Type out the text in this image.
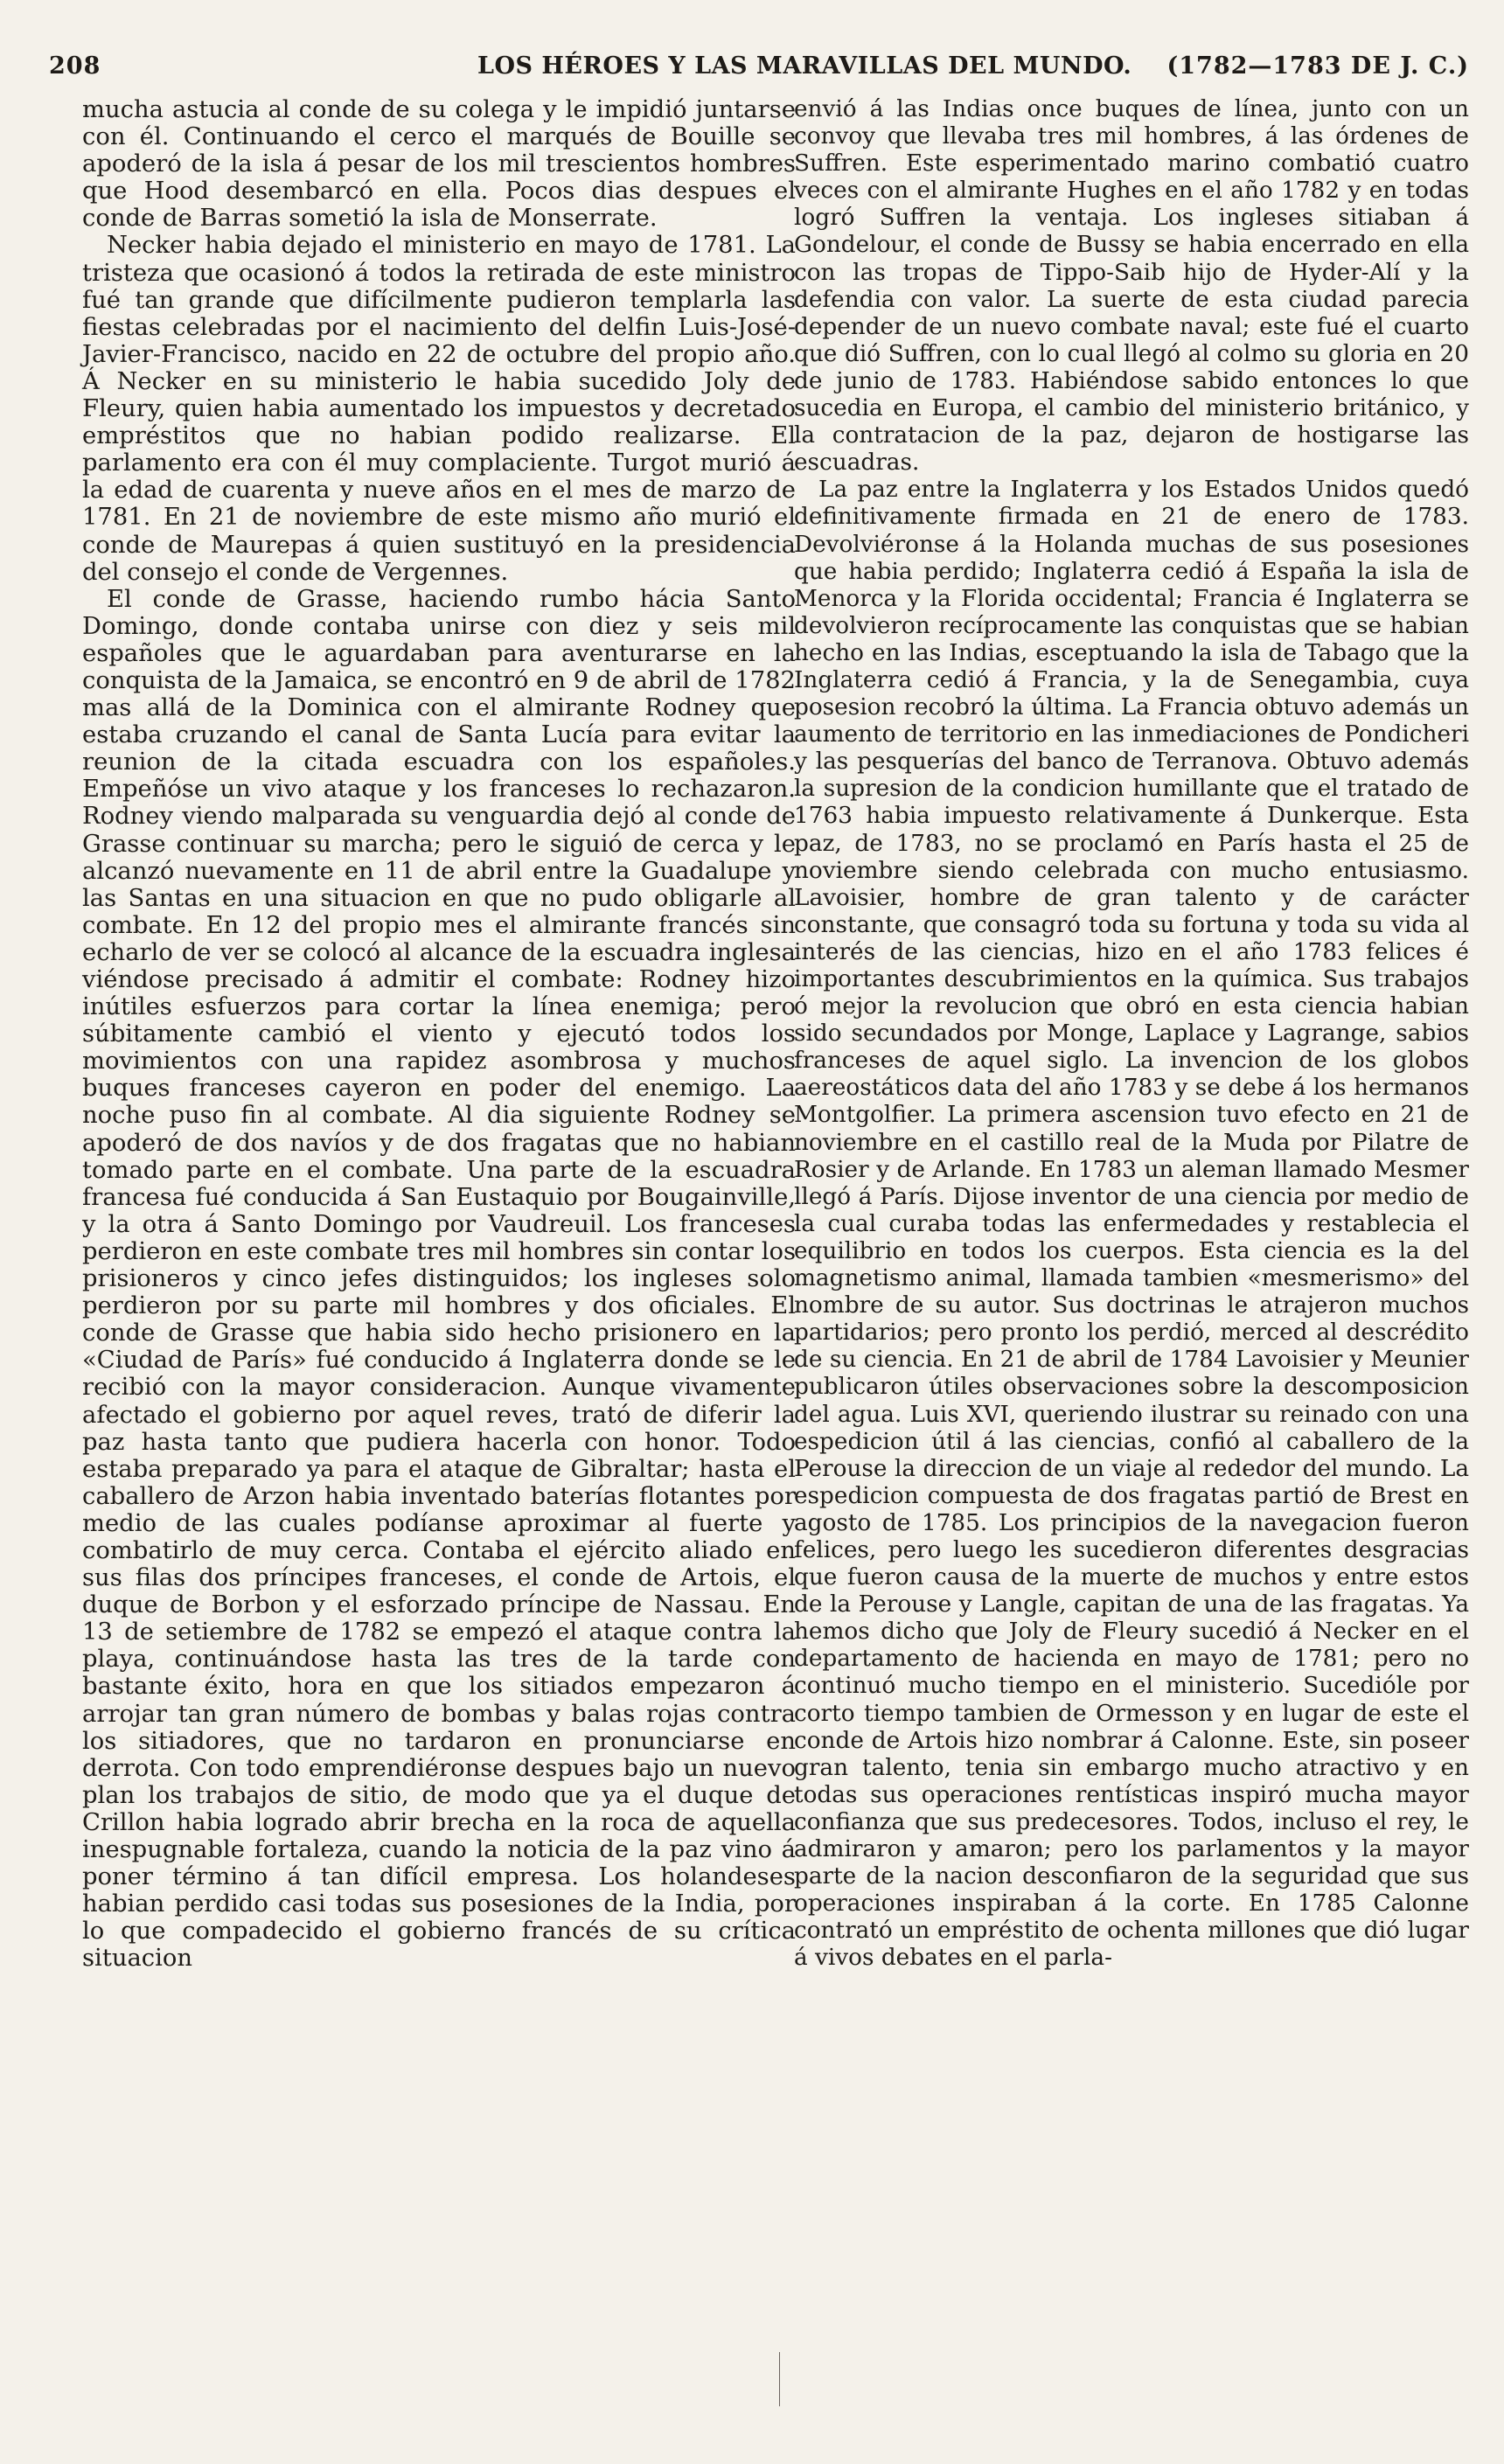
208	LOS HÉROES Y LAS MARAVILLAS DEL MUNDO. (1782—1783 DE J. C.)

mucha astucia al conde de su colega y le impidió juntarse con él. Continuando el cerco el marqués de Bouille se apoderó de la isla á pesar de los mil trescientos hombres que Hood desembarcó en ella. Pocos dias despues el conde de Barras sometió la isla de Monserrate.

Necker habia dejado el ministerio en mayo de 1781. La tristeza que ocasionó á todos la retirada de este ministro fué tan grande que difícilmente pudieron templarla las fiestas celebradas por el nacimiento del delfin Luis-José-Javier-Francisco, nacido en 22 de octubre del propio año. Á Necker en su ministerio le habia sucedido Joly de Fleury, quien habia aumentado los impuestos y decretado empréstitos que no habian podido realizarse. El parlamento era con él muy complaciente. Turgot murió á la edad de cuarenta y nueve años en el mes de marzo de 1781. En 21 de noviembre de este mismo año murió el conde de Maurepas á quien sustituyó en la presidencia del consejo el conde de Vergennes.

El conde de Grasse, haciendo rumbo hácia Santo Domingo, donde contaba unirse con diez y seis mil españoles que le aguardaban para aventurarse en la conquista de la Jamaica, se encontró en 9 de abril de 1782 mas allá de la Dominica con el almirante Rodney que estaba cruzando el canal de Santa Lucía para evitar la reunion de la citada escuadra con los españoles. Empeñóse un vivo ataque y los franceses lo rechazaron. Rodney viendo malparada su venguardia dejó al conde de Grasse continuar su marcha; pero le siguió de cerca y le alcanzó nuevamente en 11 de abril entre la Guadalupe y las Santas en una situacion en que no pudo obligarle al combate. En 12 del propio mes el almirante francés sin echarlo de ver se colocó al alcance de la escuadra inglesa viéndose precisado á admitir el combate: Rodney hizo inútiles esfuerzos para cortar la línea enemiga; pero súbitamente cambió el viento y ejecutó todos los movimientos con una rapidez asombrosa y muchos buques franceses cayeron en poder del enemigo. La noche puso fin al combate. Al dia siguiente Rodney se apoderó de dos navíos y de dos fragatas que no habian tomado parte en el combate. Una parte de la escuadra francesa fué conducida á San Eustaquio por Bougainville, y la otra á Santo Domingo por Vaudreuil. Los franceses perdieron en este combate tres mil hombres sin contar los prisioneros y cinco jefes distinguidos; los ingleses solo perdieron por su parte mil hombres y dos oficiales. El conde de Grasse que habia sido hecho prisionero en la «Ciudad de París» fué conducido á Inglaterra donde se le recibió con la mayor consideracion. Aunque vivamente afectado el gobierno por aquel reves, trató de diferir la paz hasta tanto que pudiera hacerla con honor. Todo estaba preparado ya para el ataque de Gibraltar; hasta el caballero de Arzon habia inventado baterías flotantes por medio de las cuales podíanse aproximar al fuerte y combatirlo de muy cerca. Contaba el ejército aliado en sus filas dos príncipes franceses, el conde de Artois, el duque de Borbon y el esforzado príncipe de Nassau. En 13 de setiembre de 1782 se empezó el ataque contra la playa, continuándose hasta las tres de la tarde con bastante éxito, hora en que los sitiados empezaron á arrojar tan gran número de bombas y balas rojas contra los sitiadores, que no tardaron en pronunciarse en derrota. Con todo emprendiéronse despues bajo un nuevo plan los trabajos de sitio, de modo que ya el duque de Crillon habia logrado abrir brecha en la roca de aquella inespugnable fortaleza, cuando la noticia de la paz vino á poner término á tan difícil empresa. Los holandeses habian perdido casi todas sus posesiones de la India, por lo que compadecido el gobierno francés de su crítica situacion

envió á las Indias once buques de línea, junto con un convoy que llevaba tres mil hombres, á las órdenes de Suffren. Este esperimentado marino combatió cuatro veces con el almirante Hughes en el año 1782 y en todas logró Suffren la ventaja. Los ingleses sitiaban á Gondelour, el conde de Bussy se habia encerrado en ella con las tropas de Tippo-Saib hijo de Hyder-Alí y la defendia con valor. La suerte de esta ciudad parecia depender de un nuevo combate naval; este fué el cuarto que dió Suffren, con lo cual llegó al colmo su gloria en 20 de junio de 1783. Habiéndose sabido entonces lo que sucedia en Europa, el cambio del ministerio británico, y la contratacion de la paz, dejaron de hostigarse las escuadras.

La paz entre la Inglaterra y los Estados Unidos quedó definitivamente firmada en 21 de enero de 1783. Devolviéronse á la Holanda muchas de sus posesiones que habia perdido; Inglaterra cedió á España la isla de Menorca y la Florida occidental; Francia é Inglaterra se devolvieron recíprocamente las conquistas que se habian hecho en las Indias, esceptuando la isla de Tabago que la Inglaterra cedió á Francia, y la de Senegambia, cuya posesion recobró la última. La Francia obtuvo además un aumento de territorio en las inmediaciones de Pondicheri y las pesquerías del banco de Terranova. Obtuvo además la supresion de la condicion humillante que el tratado de 1763 habia impuesto relativamente á Dunkerque. Esta paz, de 1783, no se proclamó en París hasta el 25 de noviembre siendo celebrada con mucho entusiasmo. Lavoisier, hombre de gran talento y de carácter constante, que consagró toda su fortuna y toda su vida al interés de las ciencias, hizo en el año 1783 felices é importantes descubrimientos en la química. Sus trabajos ó mejor la revolucion que obró en esta ciencia habian sido secundados por Monge, Laplace y Lagrange, sabios franceses de aquel siglo. La invencion de los globos aereostáticos data del año 1783 y se debe á los hermanos Montgolfier. La primera ascension tuvo efecto en 21 de noviembre en el castillo real de la Muda por Pilatre de Rosier y de Arlande. En 1783 un aleman llamado Mesmer llegó á París. Dijose inventor de una ciencia por medio de la cual curaba todas las enfermedades y restablecia el equilibrio en todos los cuerpos. Esta ciencia es la del magnetismo animal, llamada tambien «mesmerismo» del nombre de su autor. Sus doctrinas le atrajeron muchos partidarios; pero pronto los perdió, merced al descrédito de su ciencia. En 21 de abril de 1784 Lavoisier y Meunier publicaron útiles observaciones sobre la descomposicion del agua. Luis XVI, queriendo ilustrar su reinado con una espedicion útil á las ciencias, confió al caballero de la Perouse la direccion de un viaje al rededor del mundo. La espedicion compuesta de dos fragatas partió de Brest en agosto de 1785. Los principios de la navegacion fueron felices, pero luego les sucedieron diferentes desgracias que fueron causa de la muerte de muchos y entre estos de la Perouse y Langle, capitan de una de las fragatas. Ya hemos dicho que Joly de Fleury sucedió á Necker en el departamento de hacienda en mayo de 1781; pero no continuó mucho tiempo en el ministerio. Sucedióle por corto tiempo tambien de Ormesson y en lugar de este el conde de Artois hizo nombrar á Calonne. Este, sin poseer gran talento, tenia sin embargo mucho atractivo y en todas sus operaciones rentísticas inspiró mucha mayor confianza que sus predecesores. Todos, incluso el rey, le admiraron y amaron; pero los parlamentos y la mayor parte de la nacion desconfiaron de la seguridad que sus operaciones inspiraban á la corte. En 1785 Calonne contrató un empréstito de ochenta millones que dió lugar á vivos debates en el parla-
